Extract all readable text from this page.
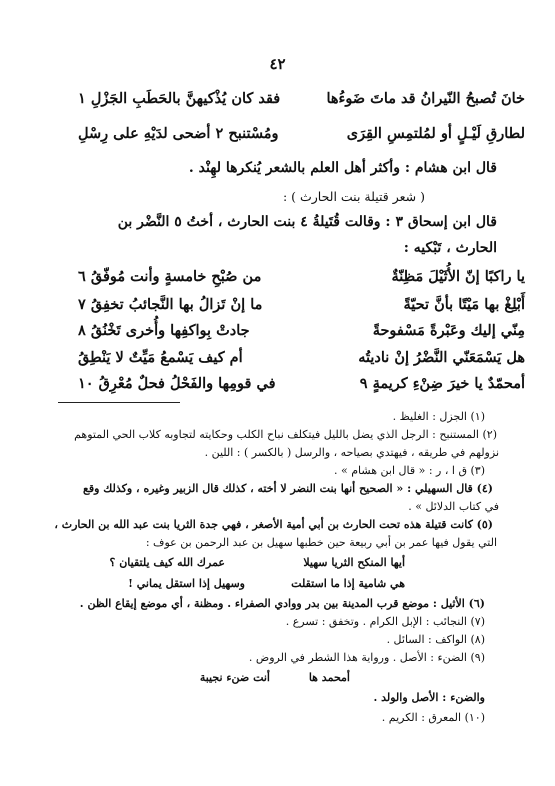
٤٢
خانَ تُصبحُ النّيرانُ قد ماتَ ضَوءُها
فقد كان يُذْكيهنَّ بالحَطَبِ الجَزْلِ ١
لطارقِ لَيْـلٍ أو لمُلتمِسِ القِرَى
ومُسْتنبح ٢ أضحى لدَيْهِ على رِسْلِ
قال ابن هشام : وأكثر أهل العلم بالشعر يُنكرها لهِنْد .
( شعر قتيلة بنت الحارث ) :
قال ابن إسحاق ٣ : وقالت قُتَيلةُ ٤ بنت الحارث ، أختُ ٥ النَّضْر بن
الحارث ، تَبْكيه :
يا راكبًا إنّ الأُثَيْلَ مَظِنّةٌ
من صُبْحِ خامسةٍ وأنت مُوفّقُ ٦
أَبْلِغْ بها مَيْتًا بأنَّ تحيّةً
ما إنْ تَزالُ بها النَّجائبُ تخفِقُ ٧
مِنّي إليك وعَبْرةً مَسْفوحةً
جادتْ بِواكفِها وأُخرى تَخْنُقُ ٨
هل يَسْمَعَنّي النَّضْرُ إنْ ناديتُه
أم كيف يَسْمعُ مَيِّتٌ لا يَنْطِقُ
أمحمّدٌ يا خيرَ ضِنْءِ كريمةٍ ٩
في قومِها والفَحْلُ فحلٌ مُعْرِقُ ١٠
(١) الجزل : الغليظ .
(٢) المستنبح : الرجل الذي يضل بالليل فيتكلف نباح الكلب وحكايته لتجاوبه كلاب الحي المتوهم
نزولهم في طريقه ، فيهتدي بصياحه ، والرسل ( بالكسر ) : اللين .
(٣) ق ا ، ر : « قال ابن هشام » .
(٤) قال السهيلي : « الصحيح أنها بنت النضر لا أخته ، كذلك قال الزبير وغيره ، وكذلك وقع
في كتاب الدلائل » .
(٥) كانت قتيلة هذه تحت الحارث بن أبي أمية الأصغر ، فهي جدة الثريا بنت عبد الله بن الحارث ،
التي يقول فيها عمر بن أبي ربيعة حين خطبها سهيل بن عبد الرحمن بن عوف :
أيها المنكح الثريا سهيلا
عمرك الله كيف يلتقيان ؟
هي شامية إذا ما استقلت
وسهيل إذا استقل يماني !
(٦) الأثيل : موضع قرب المدينة بين بدر ووادي الصفراء . ومظنة ، أي موضع إيقاع الظن .
(٧) النجائب : الإبل الكرام . وتخفق : تسرع .
(٨) الواكف : السائل .
(٩) الضنء : الأصل . ورواية هذا الشطر في الروض .
أمحمد ها
أنت ضنء نجيبة
والضنء : الأصل والولد .
(١٠) المعرق : الكريم .
